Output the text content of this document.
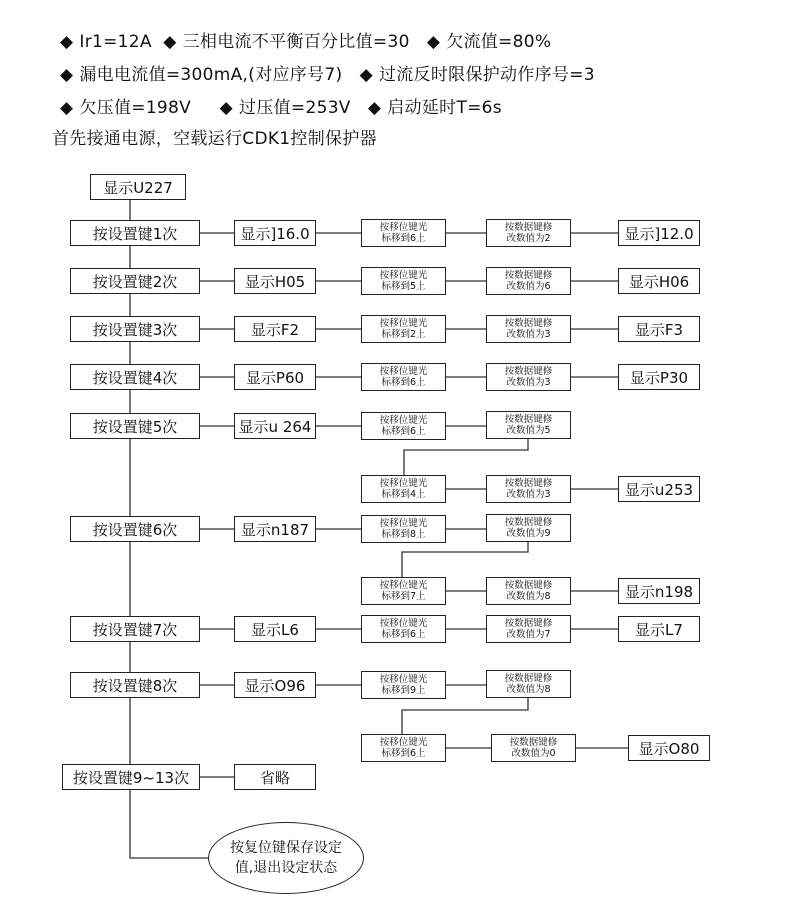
◆ Ir1=12A ◆ 三相电流不平衡百分比值=30 ◆ 欠流值=80%
◆ 漏电电流值=300mA,(对应序号7) ◆ 过流反时限保护动作序号=3
◆ 欠压值=198V ◆ 过压值=253V ◆ 启动延时T=6s
首先接通电源，空载运行CDK1控制保护器
显示U227
按设置键1次	显示]16.0	按移位键光
标移到6上
按数据键修
改数值为2	显示]12.0
按设置键2次	显示H05	按移位键光
标移到5上
按数据键修
改数值为6	显示H06
按设置键3次	显示F2	按移位键光
标移到2上
按数据键修
改数值为3	显示F3
按设置键4次	显示P60	按移位键光
标移到6上
按数据键修
改数值为3	显示P30
按设置键5次	显示u 264	按移位键光
标移到6上
按数据键修
改数值为5
按移位键光
标移到4上
按数据键修
改数值为3	显示u253
按设置键6次	显示n187	按移位键光
标移到8上
按数据键修
改数值为9
按移位键光
标移到7上
按数据键修
改数值为8	显示n198
按设置键7次	显示L6	按移位键光
标移到6上
按数据键修
改数值为7	显示L7
按设置键8次	显示O96	按移位键光
标移到9上
按数据键修
改数值为8
按移位键光
标移到6上
按数据键修
改数值为0	显示O80
按设置键9~13次	省略
按复位键保存设定
值,退出设定状态
